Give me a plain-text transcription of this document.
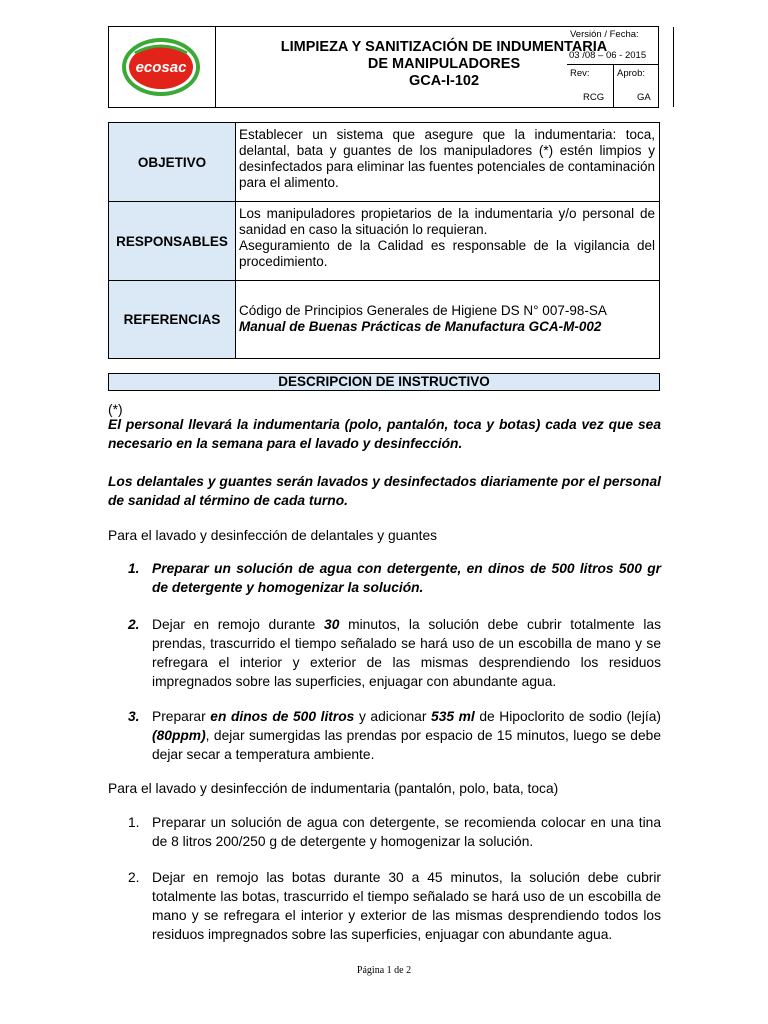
ecosac
LIMPIEZA Y SANITIZACIÓN DE INDUMENTARIA
DE MANIPULADORES
GCA-I-102
Versión / Fecha:
03 /08 – 06 - 2015
Rev:	Aprob:
RCG	GA
OBJETIVO
Establecer un sistema que asegure que la indumentaria: toca, delantal, bata y guantes de los manipuladores (*) estén limpios y desinfectados para eliminar las fuentes potenciales de contaminación para el alimento.
RESPONSABLES
Los manipuladores propietarios de la indumentaria y/o personal de sanidad en caso la situación lo requieran.
Aseguramiento de la Calidad es responsable de la vigilancia del procedimiento.
REFERENCIAS
Código de Principios Generales de Higiene DS N° 007-98-SA
Manual de Buenas Prácticas de Manufactura GCA-M-002
DESCRIPCION DE INSTRUCTIVO
(*)
El personal llevará la indumentaria (polo, pantalón, toca y botas) cada vez que sea necesario en la semana para el lavado y desinfección.
Los delantales y guantes serán lavados y desinfectados diariamente por el personal de sanidad al término de cada turno.
Para el lavado y desinfección de delantales y guantes
1. Preparar un solución de agua con detergente, en dinos de 500 litros 500 gr de detergente y homogenizar la solución.
2. Dejar en remojo durante 30 minutos, la solución debe cubrir totalmente las prendas, trascurrido el tiempo señalado se hará uso de un escobilla de mano y se refregara el interior y exterior de las mismas desprendiendo los residuos impregnados sobre las superficies, enjuagar con abundante agua.
3. Preparar en dinos de 500 litros y adicionar 535 ml de Hipoclorito de sodio (lejía) (80ppm), dejar sumergidas las prendas por espacio de 15 minutos, luego se debe dejar secar a temperatura ambiente.
Para el lavado y desinfección de indumentaria (pantalón, polo, bata, toca)
1. Preparar un solución de agua con detergente, se recomienda colocar en una tina de 8 litros 200/250 g de detergente y homogenizar la solución.
2. Dejar en remojo las botas durante 30 a 45 minutos, la solución debe cubrir totalmente las botas, trascurrido el tiempo señalado se hará uso de un escobilla de mano y se refregara el interior y exterior de las mismas desprendiendo todos los residuos impregnados sobre las superficies, enjuagar con abundante agua.
Página 1 de 2
